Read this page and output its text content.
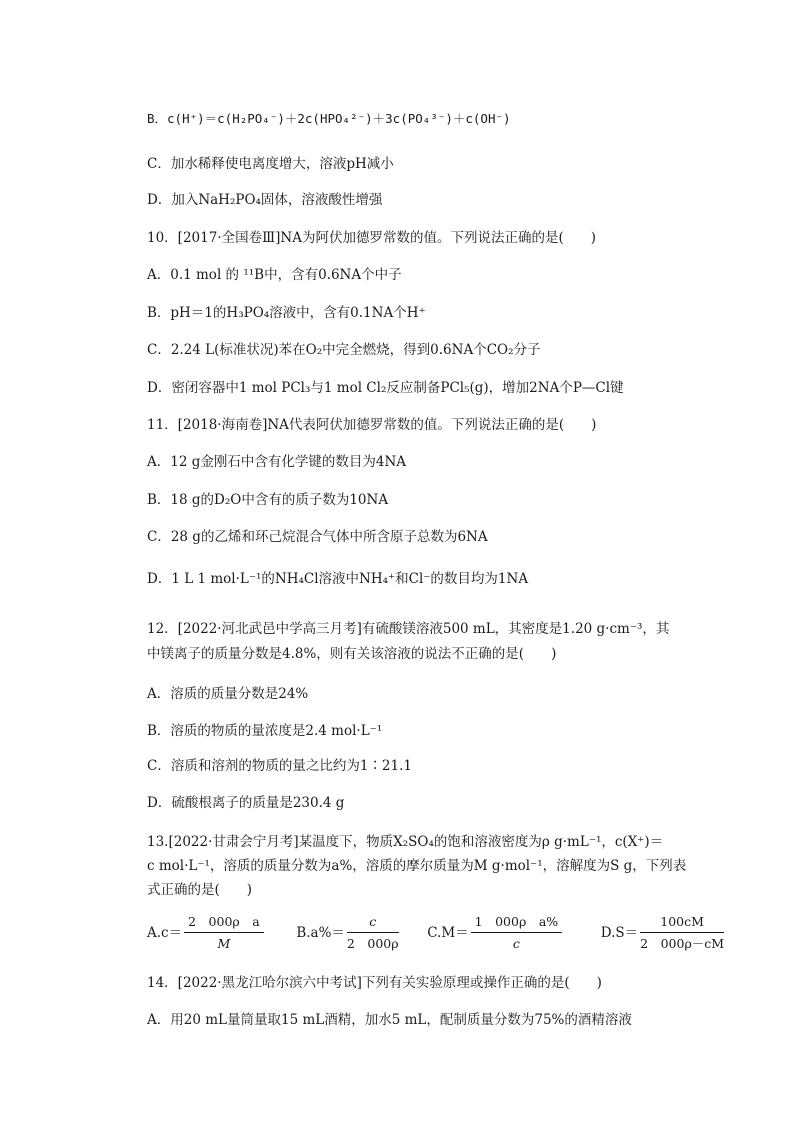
B．c(H⁺)＝c(H₂PO₄⁻)＋2c(HPO₄²⁻)＋3c(PO₄³⁻)＋c(OH⁻)
C．加水稀释使电离度增大，溶液pH减小
D．加入NaH₂PO₄固体，溶液酸性增强
10．[2017·全国卷Ⅲ]NA为阿伏加德罗常数的值。下列说法正确的是(　　)
A．0.1 mol 的 ¹¹B中，含有0.6NA个中子
B．pH＝1的H₃PO₄溶液中，含有0.1NA个H⁺
C．2.24 L(标准状况)苯在O₂中完全燃烧，得到0.6NA个CO₂分子
D．密闭容器中1 mol PCl₃与1 mol Cl₂反应制备PCl₅(g)，增加2NA个P—Cl键
11．[2018·海南卷]NA代表阿伏加德罗常数的值。下列说法正确的是(　　)
A．12 g金刚石中含有化学键的数目为4NA
B．18 g的D₂O中含有的质子数为10NA
C．28 g的乙烯和环己烷混合气体中所含原子总数为6NA
D．1 L 1 mol·L⁻¹的NH₄Cl溶液中NH₄⁺和Cl⁻的数目均为1NA
12．[2022·河北武邑中学高三月考]有硫酸镁溶液500 mL，其密度是1.20 g·cm⁻³，其
中镁离子的质量分数是4.8%，则有关该溶液的说法不正确的是(　　)
A．溶质的质量分数是24%
B．溶质的物质的量浓度是2.4 mol·L⁻¹
C．溶质和溶剂的物质的量之比约为1∶21.1
D．硫酸根离子的质量是230.4 g
13.[2022·甘肃会宁月考]某温度下，物质X₂SO₄的饱和溶液密度为ρ g·mL⁻¹，c(X⁺)＝
c mol·L⁻¹，溶质的质量分数为a%，溶质的摩尔质量为M g·mol⁻¹，溶解度为S g，下列表
式正确的是(　　)
$A.c= \frac{\text{2　000ρ　a}}{M} B.a\%= \frac{c}{2 000\rho} C.M= \frac{\text{1　000ρ　a\%}}{c}$	$D.S= \frac{100cM}{2 000\rho-cM}$
14．[2022·黑龙江哈尔滨六中考试]下列有关实验原理或操作正确的是(　　)
A．用20 mL量筒量取15 mL酒精，加水5 mL，配制质量分数为75%的酒精溶液
